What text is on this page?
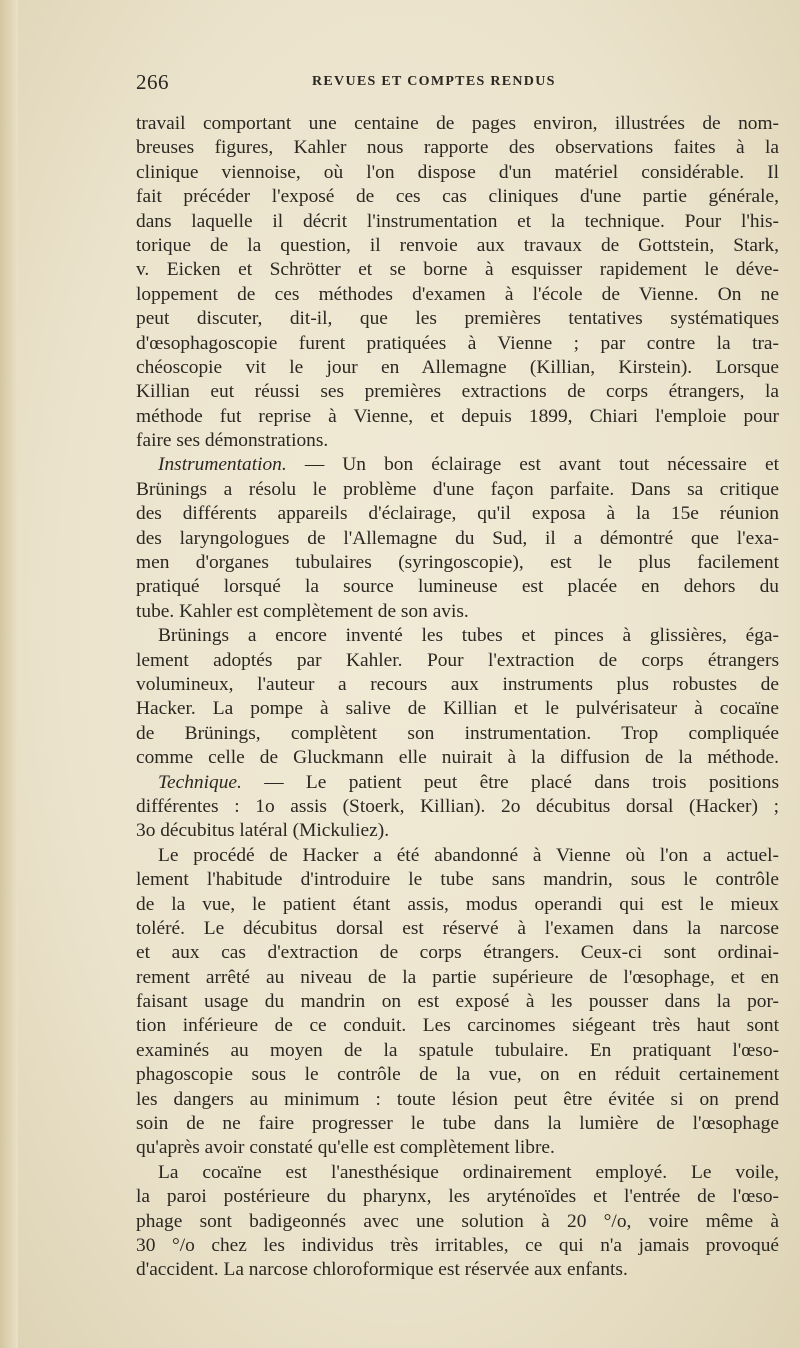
266	REVUES ET COMPTES RENDUS
travail comportant une centaine de pages environ, illustrées de nom-
breuses figures, Kahler nous rapporte des observations faites à la
clinique viennoise, où l'on dispose d'un matériel considérable. Il
fait précéder l'exposé de ces cas cliniques d'une partie générale,
dans laquelle il décrit l'instrumentation et la technique. Pour l'his-
torique de la question, il renvoie aux travaux de Gottstein, Stark,
v. Eicken et Schrötter et se borne à esquisser rapidement le déve-
loppement de ces méthodes d'examen à l'école de Vienne. On ne
peut discuter, dit-il, que les premières tentatives systématiques
d'œsophagoscopie furent pratiquées à Vienne ; par contre la tra-
chéoscopie vit le jour en Allemagne (Killian, Kirstein). Lorsque
Killian eut réussi ses premières extractions de corps étrangers, la
méthode fut reprise à Vienne, et depuis 1899, Chiari l'emploie pour
faire ses démonstrations.
Instrumentation. — Un bon éclairage est avant tout nécessaire et
Brünings a résolu le problème d'une façon parfaite. Dans sa critique
des différents appareils d'éclairage, qu'il exposa à la 15e réunion
des laryngologues de l'Allemagne du Sud, il a démontré que l'exa-
men d'organes tubulaires (syringoscopie), est le plus facilement
pratiqué lorsqué la source lumineuse est placée en dehors du
tube. Kahler est complètement de son avis.
Brünings a encore inventé les tubes et pinces à glissières, éga-
lement adoptés par Kahler. Pour l'extraction de corps étrangers
volumineux, l'auteur a recours aux instruments plus robustes de
Hacker. La pompe à salive de Killian et le pulvérisateur à cocaïne
de Brünings, complètent son instrumentation. Trop compliquée
comme celle de Gluckmann elle nuirait à la diffusion de la méthode.
Technique. — Le patient peut être placé dans trois positions
différentes : 1o assis (Stoerk, Killian). 2o décubitus dorsal (Hacker) ;
3o décubitus latéral (Mickuliez).
Le procédé de Hacker a été abandonné à Vienne où l'on a actuel-
lement l'habitude d'introduire le tube sans mandrin, sous le contrôle
de la vue, le patient étant assis, modus operandi qui est le mieux
toléré. Le décubitus dorsal est réservé à l'examen dans la narcose
et aux cas d'extraction de corps étrangers. Ceux-ci sont ordinai-
rement arrêté au niveau de la partie supérieure de l'œsophage, et en
faisant usage du mandrin on est exposé à les pousser dans la por-
tion inférieure de ce conduit. Les carcinomes siégeant très haut sont
examinés au moyen de la spatule tubulaire. En pratiquant l'œso-
phagoscopie sous le contrôle de la vue, on en réduit certainement
les dangers au minimum : toute lésion peut être évitée si on prend
soin de ne faire progresser le tube dans la lumière de l'œsophage
qu'après avoir constaté qu'elle est complètement libre.
La cocaïne est l'anesthésique ordinairement employé. Le voile,
la paroi postérieure du pharynx, les aryténoïdes et l'entrée de l'œso-
phage sont badigeonnés avec une solution à 20 °/o, voire même à
30 °/o chez les individus très irritables, ce qui n'a jamais provoqué
d'accident. La narcose chloroformique est réservée aux enfants.
